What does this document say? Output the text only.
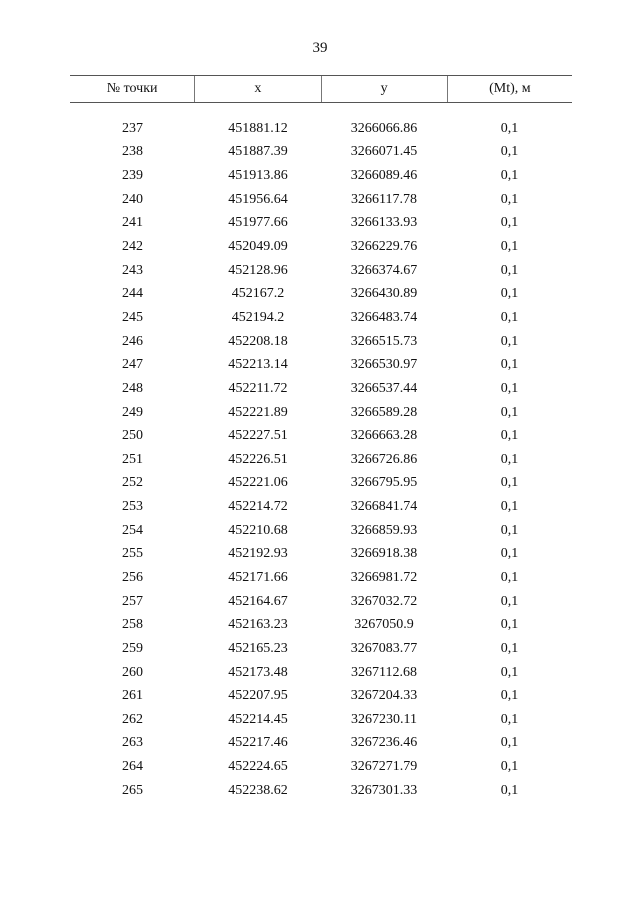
39
№ точки	x	y	(Mt), м
237	451881.12	3266066.86	0,1
238	451887.39	3266071.45	0,1
239	451913.86	3266089.46	0,1
240	451956.64	3266117.78	0,1
241	451977.66	3266133.93	0,1
242	452049.09	3266229.76	0,1
243	452128.96	3266374.67	0,1
244	452167.2	3266430.89	0,1
245	452194.2	3266483.74	0,1
246	452208.18	3266515.73	0,1
247	452213.14	3266530.97	0,1
248	452211.72	3266537.44	0,1
249	452221.89	3266589.28	0,1
250	452227.51	3266663.28	0,1
251	452226.51	3266726.86	0,1
252	452221.06	3266795.95	0,1
253	452214.72	3266841.74	0,1
254	452210.68	3266859.93	0,1
255	452192.93	3266918.38	0,1
256	452171.66	3266981.72	0,1
257	452164.67	3267032.72	0,1
258	452163.23	3267050.9	0,1
259	452165.23	3267083.77	0,1
260	452173.48	3267112.68	0,1
261	452207.95	3267204.33	0,1
262	452214.45	3267230.11	0,1
263	452217.46	3267236.46	0,1
264	452224.65	3267271.79	0,1
265	452238.62	3267301.33	0,1
